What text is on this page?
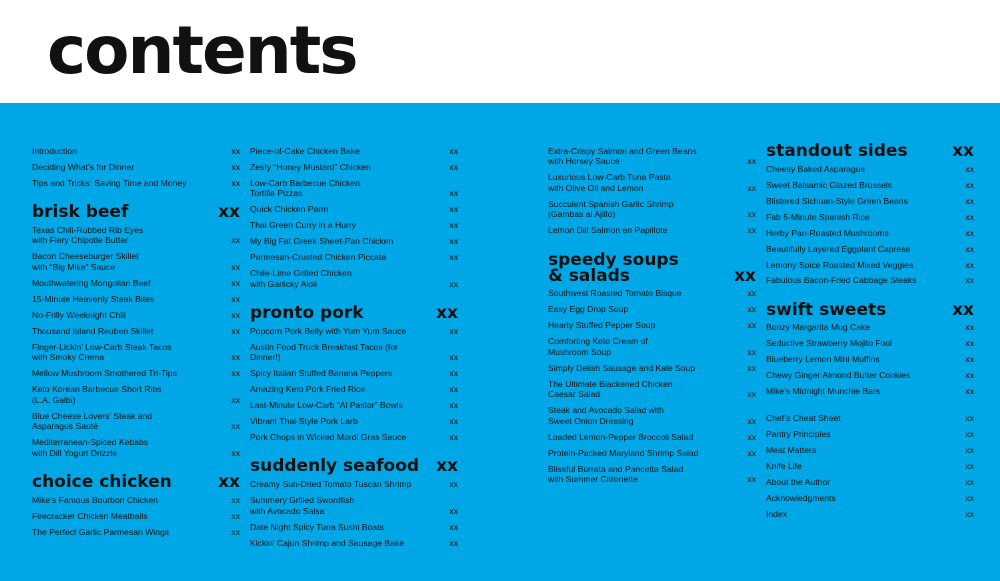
contents
Introduction	xx
Deciding What’s for Dinner	xx
Tips and Tricks: Saving Time and Money	xx
brisk beef	xx
Texas Chili-Rubbed Rib Eyes
with Fiery Chipotle Butter	xx
Bacon Cheeseburger Skillet
with “Big Mike” Sauce	xx
Mouthwatering Mongolian Beef	xx
15-Minute Heavenly Steak Bites	xx
No-Frilly Weeknight Chili	xx
Thousand Island Reuben Skillet	xx
Finger-Lickin’ Low-Carb Steak Tacos
with Smoky Crema	xx
Mellow Mushroom Smothered Tri-Tips	xx
Keto Korean Barbecue Short Ribs
(L.A. Galbi)	xx
Blue Cheese Lovers’ Steak and
Asparagus Sauté	xx
Mediterranean-Spiced Kebabs
with Dill Yogurt Drizzle	xx
choice chicken	xx
Mike’s Famous Bourbon Chicken	xx
Firecracker Chicken Meatballs	xx
The Perfect Garlic Parmesan Wings	xx
Piece-of-Cake Chicken Bake	xx
Zesty “Honey Mustard” Chicken	xx
Low-Carb Barbecue Chicken
Tortilla Pizzas	xx
Quick Chicken Parm	xx
Thai Green Curry in a Hurry	xx
My Big Fat Greek Sheet-Pan Chicken	xx
Parmesan-Crusted Chicken Piccata	xx
Chile-Lime Grilled Chicken
with Garlicky Aioli	xx
pronto pork	xx
Popcorn Pork Belly with Yum Yum Sauce	xx
Austin Food Truck Breakfast Tacos (for Dinner!)	xx
Spicy Italian Stuffed Banana Peppers	xx
Amazing Keto Pork Fried Rice	xx
Last-Minute Low-Carb “Al Pastor” Bowls	xx
Vibrant Thai-Style Pork Larb	xx
Pork Chops in Wicked Mardi Gras Sauce	xx
suddenly seafood xx
Creamy Sun-Dried Tomato Tuscan Shrimp	xx
Summery Grilled Swordfish
with Avocado Salsa	xx
Date Night Spicy Tuna Sushi Boats	xx
Kickin’ Cajun Shrimp and Sausage Bake	xx
Extra-Crispy Salmon and Green Beans
with Horsey Sauce	xx
Luxurious Low-Carb Tuna Pasta
with Olive Oil and Lemon	xx
Succulent Spanish Garlic Shrimp
(Gambas al Ajillo)	xx
Lemon Dill Salmon en Papillote	xx
speedy soups
& salads	xx
Southwest Roasted Tomato Bisque	xx
Easy Egg Drop Soup	xx
Hearty Stuffed Pepper Soup	xx
Comforting Keto Cream of
Mushroom Soup	xx
Simply Delish Sausage and Kale Soup	xx
The Ultimate Blackened Chicken
Caesar Salad	xx
Steak and Avocado Salad with
Sweet Onion Dressing	xx
Loaded Lemon-Pepper Broccoli Salad	xx
Protein-Packed Maryland Shrimp Salad	xx
Blissful Burrata and Pancetta Salad
with Summer Citronette	xx
standout sides	xx
Cheesy Baked Asparagus	xx
Sweet Balsamic Glazed Brussels	xx
Blistered Sichuan-Style Green Beans	xx
Fab 5-Minute Spanish Rice	xx
Herby Pan-Roasted Mushrooms	xx
Beautifully Layered Eggplant Caprese	xx
Lemony Spice Roasted Mixed Veggies	xx
Fabulous Bacon-Fried Cabbage Steaks	xx
swift sweets	xx
Boozy Margarita Mug Cake	xx
Seductive Strawberry Mojito Fool	xx
Blueberry Lemon Mini Muffins	xx
Chewy Ginger Almond Butter Cookies	xx
Mike’s Midnight Munchie Bars	xx
Chef’s Cheat Sheet	xx
Pantry Principles	xx
Meat Matters	xx
Knife Life	xx
About the Author	xx
Acknowledgments	xx
Index	xx
